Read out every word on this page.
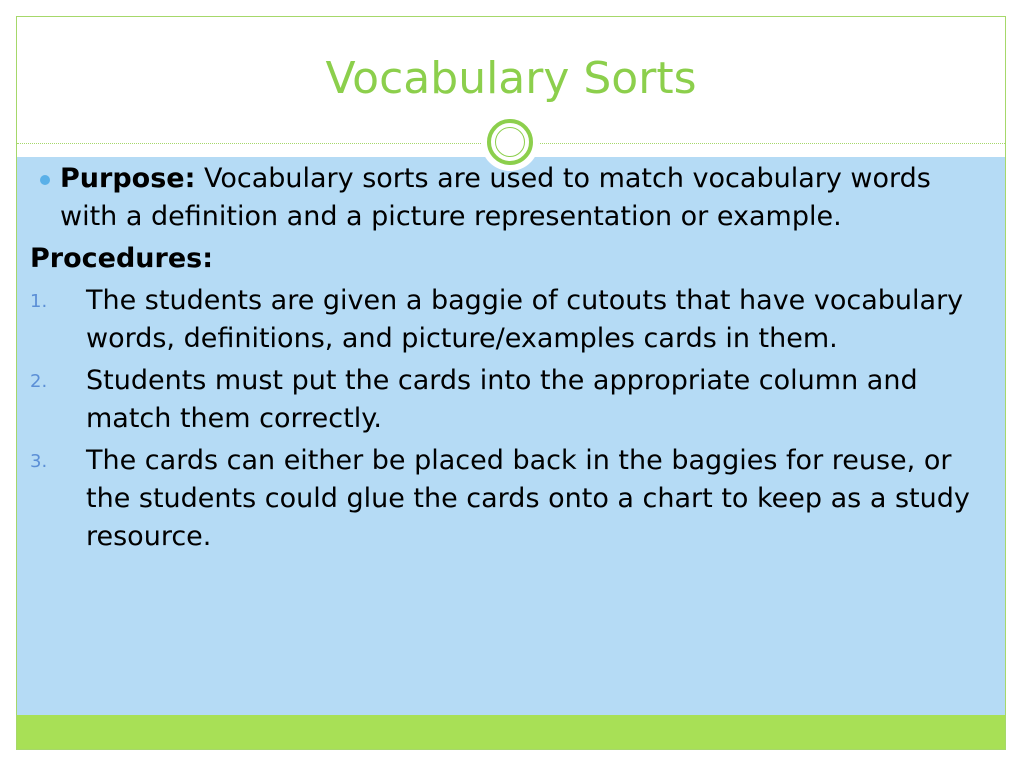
Vocabulary Sorts
Purpose: Vocabulary sorts are used to match vocabulary words with a definition and a picture representation or example.
Procedures:
1. The students are given a baggie of cutouts that have vocabulary words, definitions, and picture/examples cards in them.
2. Students must put the cards into the appropriate column and match them correctly.
3. The cards can either be placed back in the baggies for reuse, or the students could glue the cards onto a chart to keep as a study resource.
